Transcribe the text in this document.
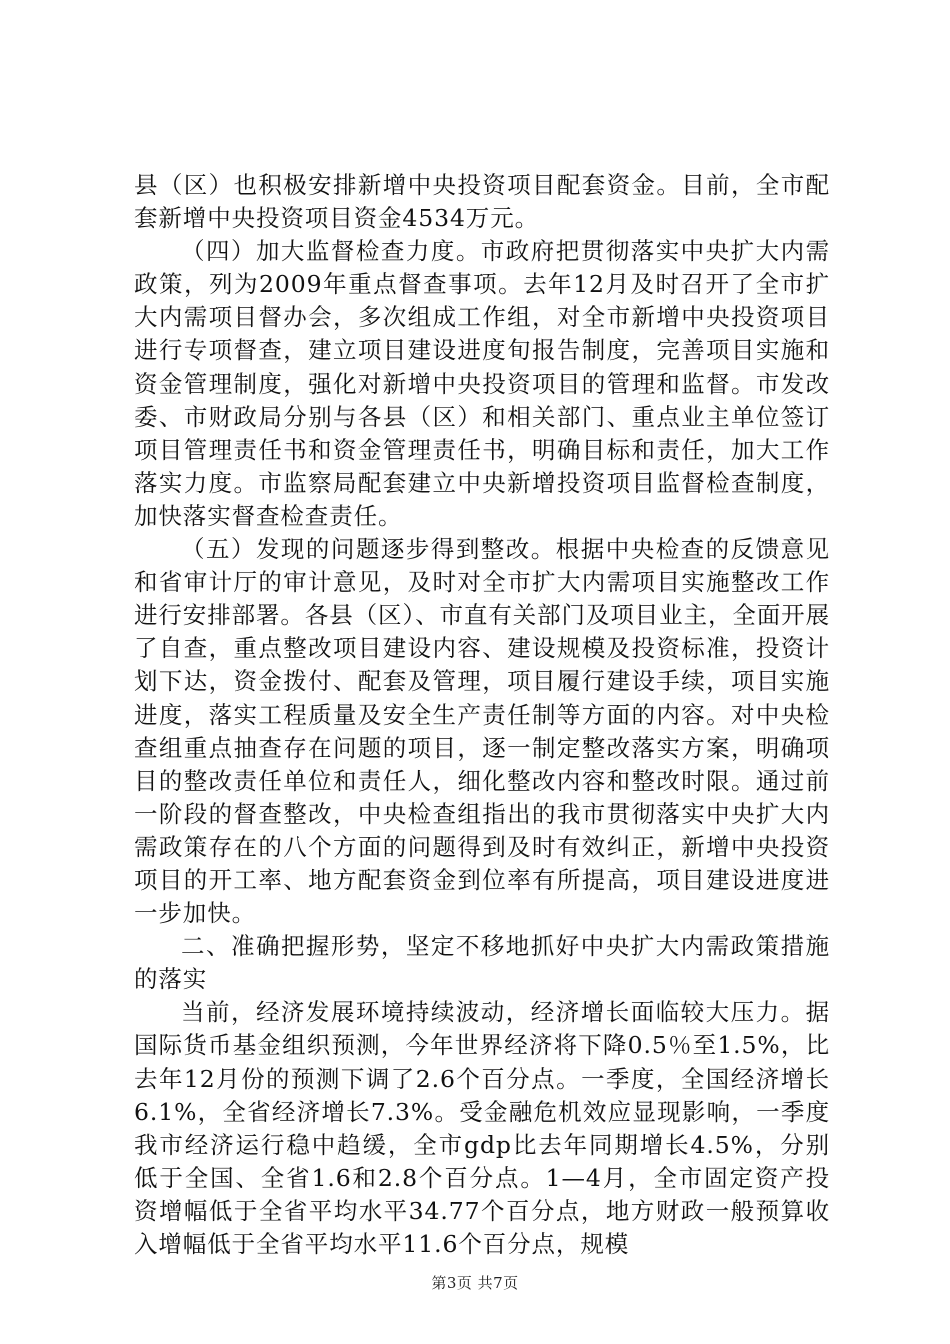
县（区）也积极安排新增中央投资项目配套资金。目前，全市配套新增中央投资项目资金4534万元。

（四）加大监督检查力度。市政府把贯彻落实中央扩大内需政策，列为2009年重点督查事项。去年12月及时召开了全市扩大内需项目督办会，多次组成工作组，对全市新增中央投资项目进行专项督查，建立项目建设进度旬报告制度，完善项目实施和资金管理制度，强化对新增中央投资项目的管理和监督。市发改委、市财政局分别与各县（区）和相关部门、重点业主单位签订项目管理责任书和资金管理责任书，明确目标和责任，加大工作落实力度。市监察局配套建立中央新增投资项目监督检查制度，加快落实督查检查责任。

（五）发现的问题逐步得到整改。根据中央检查的反馈意见和省审计厅的审计意见，及时对全市扩大内需项目实施整改工作进行安排部署。各县（区）、市直有关部门及项目业主，全面开展了自查，重点整改项目建设内容、建设规模及投资标准，投资计划下达，资金拨付、配套及管理，项目履行建设手续，项目实施进度，落实工程质量及安全生产责任制等方面的内容。对中央检查组重点抽查存在问题的项目，逐一制定整改落实方案，明确项目的整改责任单位和责任人，细化整改内容和整改时限。通过前一阶段的督查整改，中央检查组指出的我市贯彻落实中央扩大内需政策存在的八个方面的问题得到及时有效纠正，新增中央投资项目的开工率、地方配套资金到位率有所提高，项目建设进度进一步加快。

二、准确把握形势，坚定不移地抓好中央扩大内需政策措施的落实

当前，经济发展环境持续波动，经济增长面临较大压力。据国际货币基金组织预测，今年世界经济将下降0.5％至1.5%，比去年12月份的预测下调了2.6个百分点。一季度，全国经济增长6.1%，全省经济增长7.3%。受金融危机效应显现影响，一季度我市经济运行稳中趋缓，全市gdp比去年同期增长4.5%，分别低于全国、全省1.6和2.8个百分点。1—4月，全市固定资产投资增幅低于全省平均水平34.77个百分点，地方财政一般预算收入增幅低于全省平均水平11.6个百分点，规模

第3页 共7页
